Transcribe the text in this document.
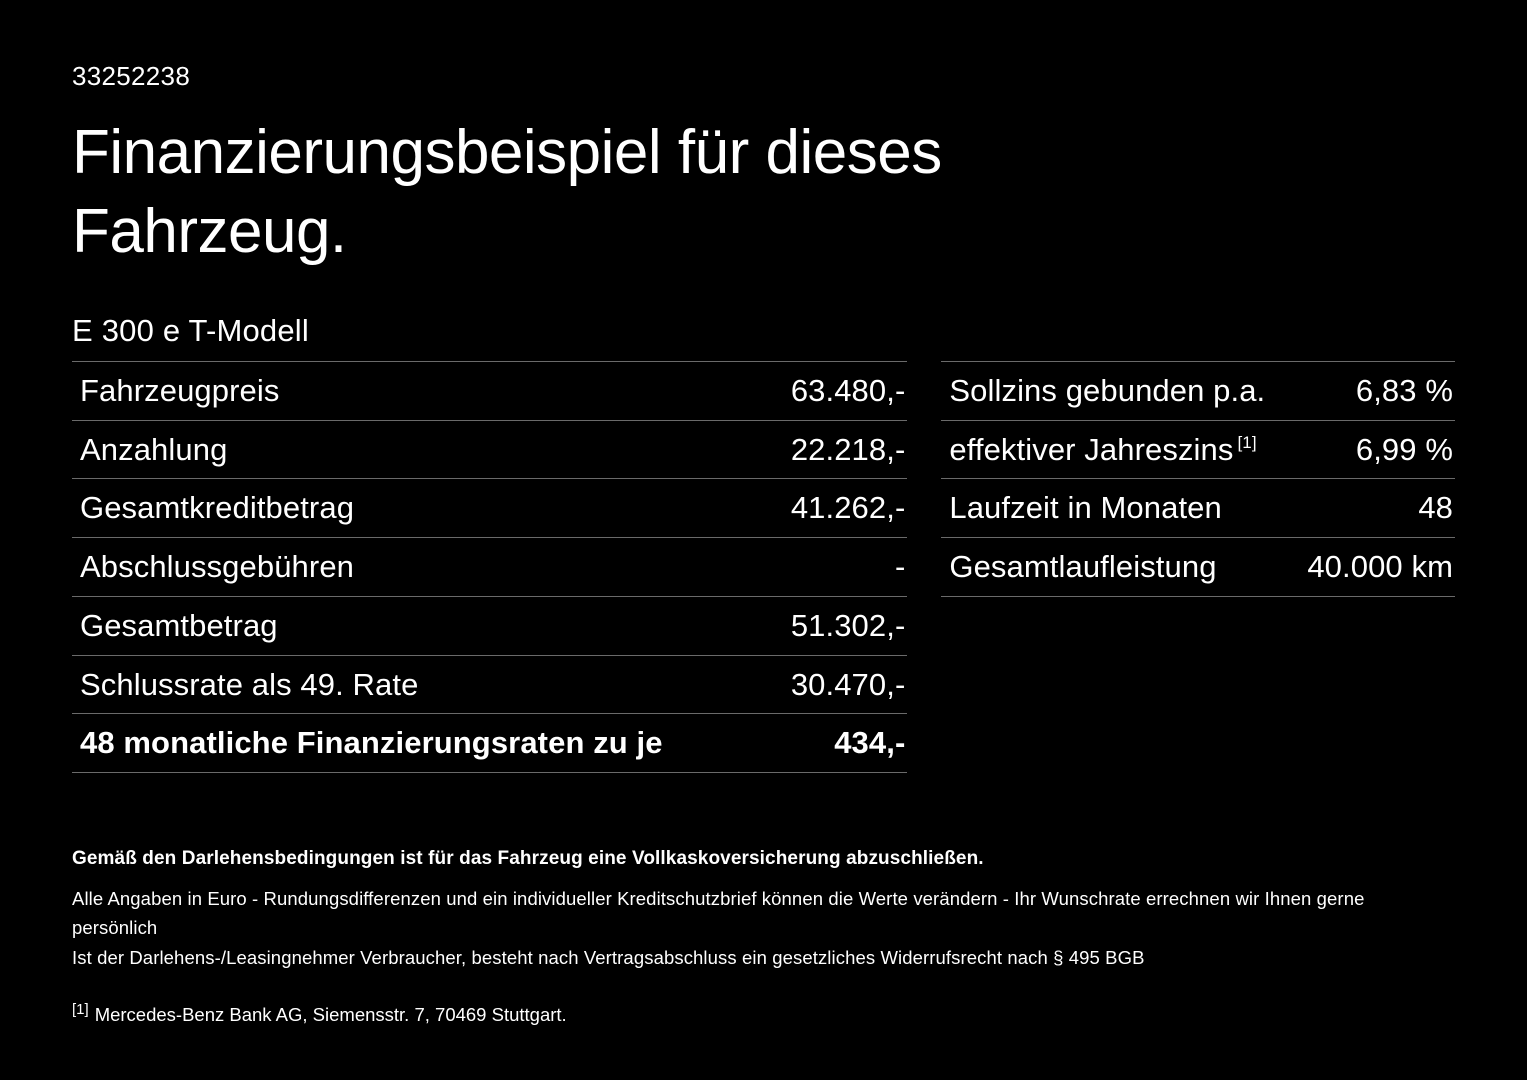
33252238
Finanzierungsbeispiel für dieses Fahrzeug.
E 300 e T-Modell
Fahrzeugpreis	63.480,-
Anzahlung	22.218,-
Gesamtkreditbetrag	41.262,-
Abschlussgebühren	-
Gesamtbetrag	51.302,-
Schlussrate als 49. Rate	30.470,-
48 monatliche Finanzierungsraten zu je	434,-
Sollzins gebunden p.a.	6,83 %
effektiver Jahreszins [1]	6,99 %
Laufzeit in Monaten	48
Gesamtlaufleistung	40.000 km
Gemäß den Darlehensbedingungen ist für das Fahrzeug eine Vollkaskoversicherung abzuschließen.
Alle Angaben in Euro - Rundungsdifferenzen und ein individueller Kreditschutzbrief können die Werte verändern - Ihr Wunschrate errechnen wir Ihnen gerne persönlich
Ist der Darlehens-/Leasingnehmer Verbraucher, besteht nach Vertragsabschluss ein gesetzliches Widerrufsrecht nach § 495 BGB
[1] Mercedes-Benz Bank AG, Siemensstr. 7, 70469 Stuttgart.
